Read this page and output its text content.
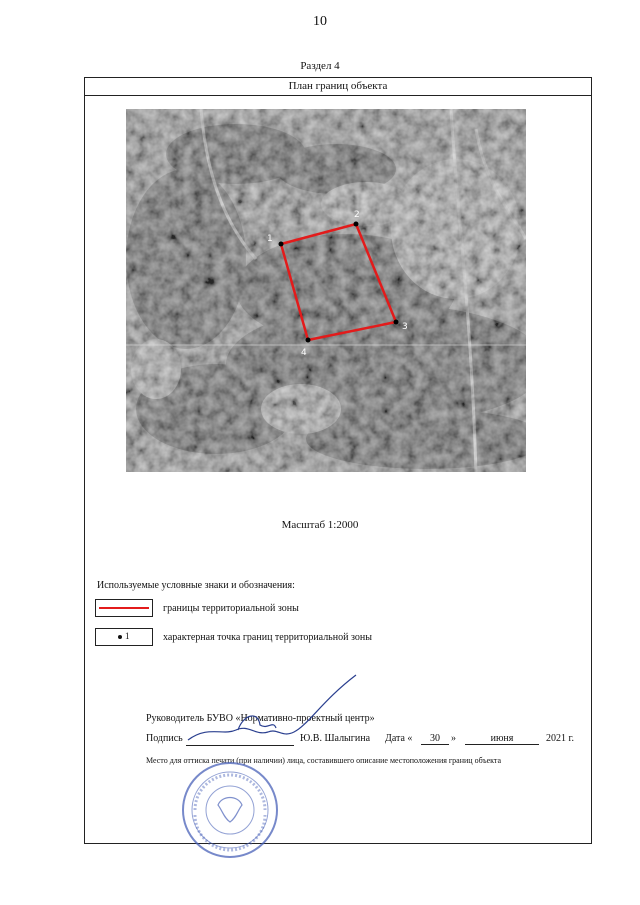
10
Раздел 4
План границ объекта
1
2
3
4
Масштаб 1:2000
Используемые условные знаки и обозначения:
границы территориальной зоны
1	характерная точка границ территориальной зоны
Руководитель БУВО «Нормативно-проектный центр»
Подпись	Ю.В. Шалыгина Дата «	30	»	июня	2021 г.
Место для оттиска печати (при наличии) лица, составившего описание местоположения границ объекта
